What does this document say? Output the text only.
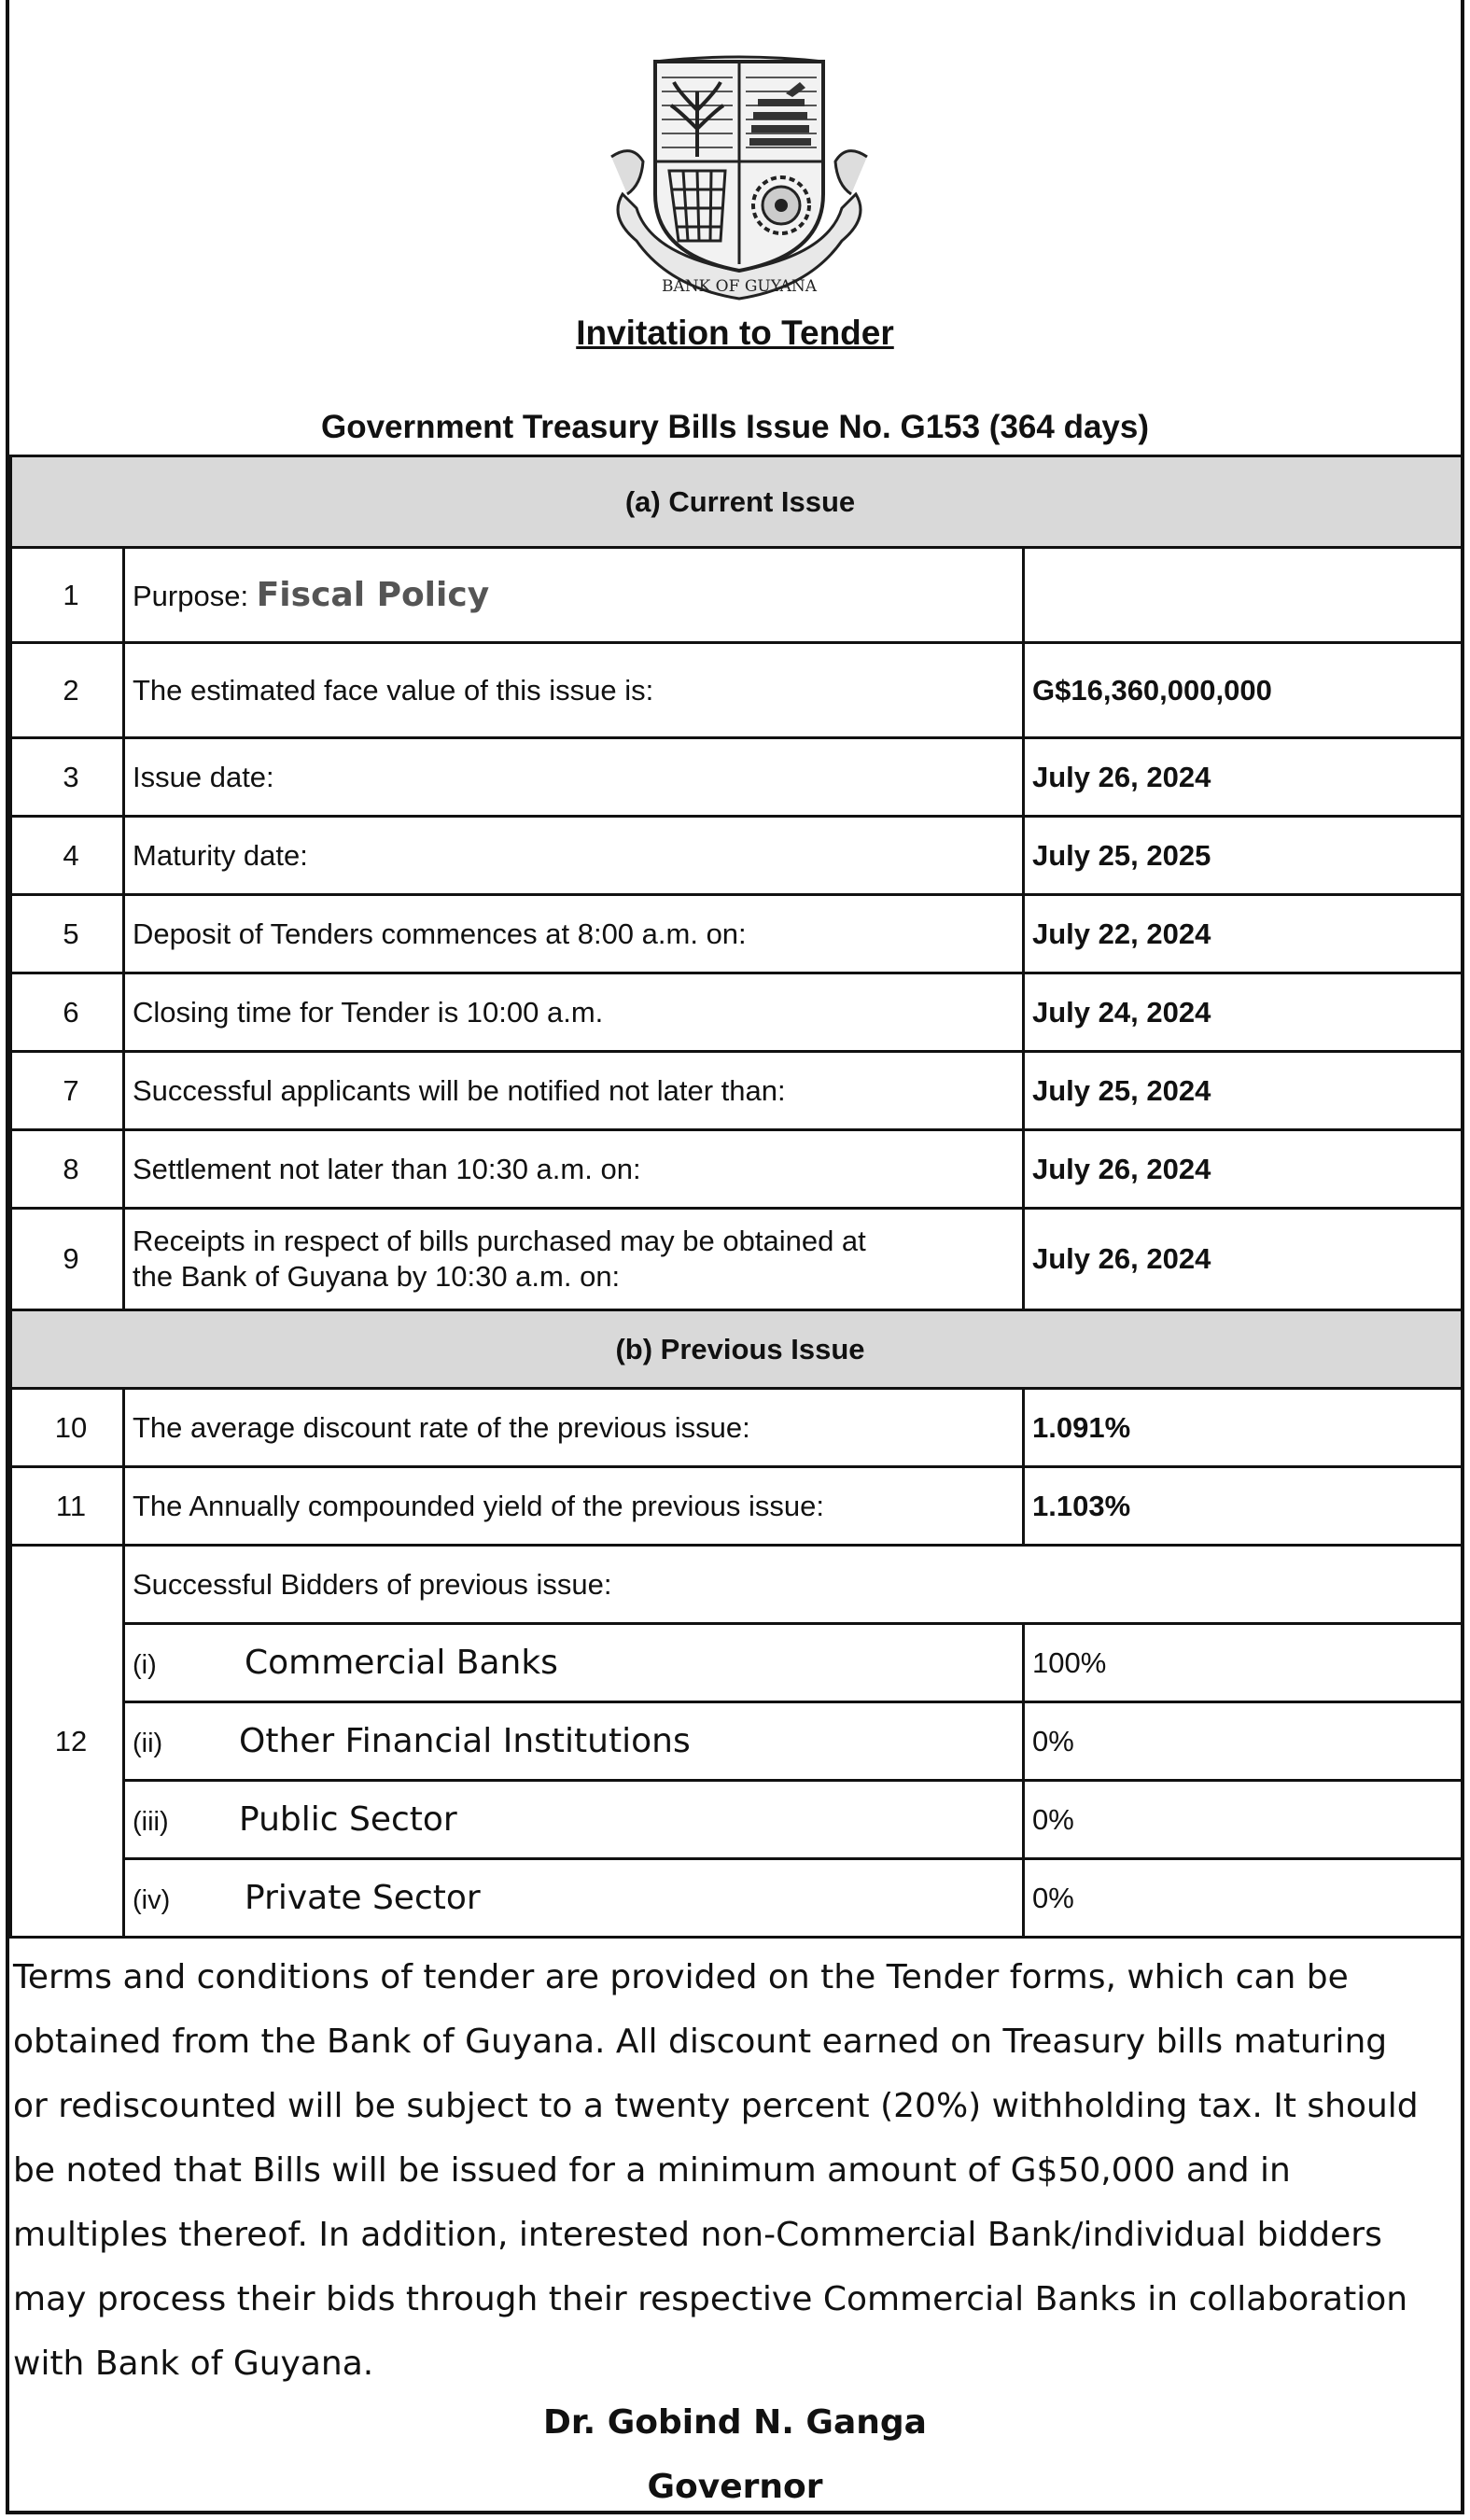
BANK OF GUYANA
Invitation to Tender
Government Treasury Bills Issue No. G153 (364 days)
(a) Current Issue		
1	Purpose: Fiscal Policy	
2	The estimated face value of this issue is:	G$16,360,000,000
3	Issue date:	July 26, 2024
4	Maturity date:	July 25, 2025
5	Deposit of Tenders commences at 8:00 a.m. on:	July 22, 2024
6	Closing time for Tender is 10:00 a.m.	July 24, 2024
7	Successful applicants will be notified not later than:	July 25, 2024
8	Settlement not later than 10:30 a.m. on:	July 26, 2024
9	Receipts in respect of bills purchased may be obtained at
the Bank of Guyana by 10:30 a.m. on:	July 26, 2024
(b) Previous Issue		
10	The average discount rate of the previous issue:	1.091%
11	The Annually compounded yield of the previous issue:	1.103%
12	Successful Bidders of previous issue:	
	(i) Commercial Banks	100%
	(ii) Other Financial Institutions	0%
	(iii) Public Sector	0%
	(iv) Private Sector	0%
Terms and conditions of tender are provided on the Tender forms, which can be
obtained from the Bank of Guyana. All discount earned on Treasury bills maturing
or rediscounted will be subject to a twenty percent (20%) withholding tax. It should
be noted that Bills will be issued for a minimum amount of G$50,000 and in
multiples thereof. In addition, interested non-Commercial Bank/individual bidders
may process their bids through their respective Commercial Banks in collaboration
with Bank of Guyana.
Dr. Gobind N. Ganga
Governor
